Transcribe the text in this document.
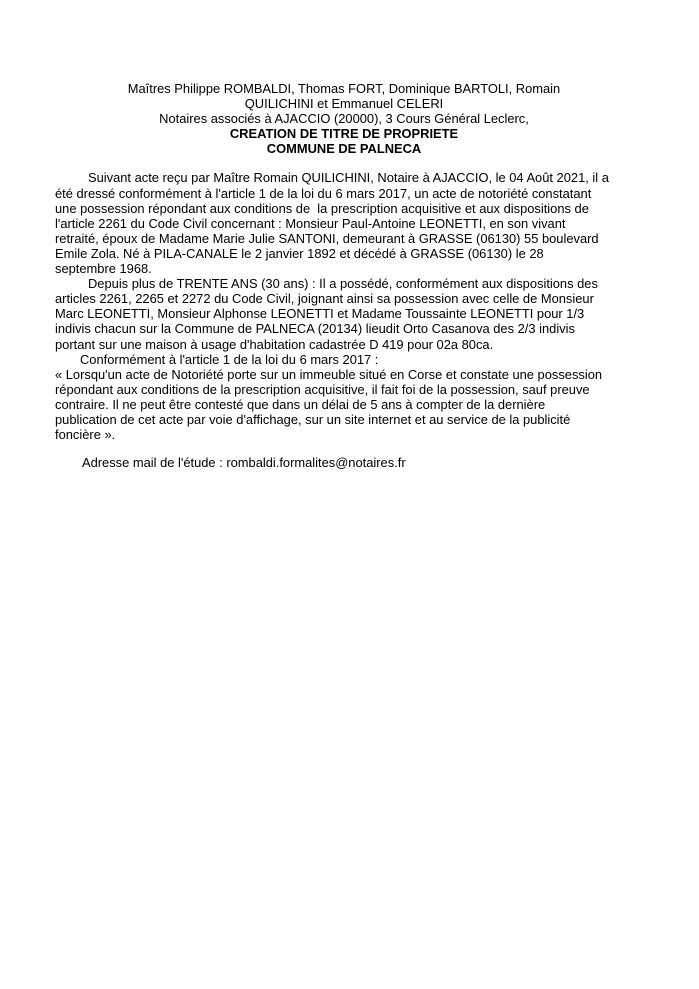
Maîtres Philippe ROMBALDI, Thomas FORT, Dominique BARTOLI, Romain
QUILICHINI et Emmanuel CELERI
Notaires associés à AJACCIO (20000), 3 Cours Général Leclerc,
CREATION DE TITRE DE PROPRIETE
COMMUNE DE PALNECA
Suivant acte reçu par Maître Romain QUILICHINI, Notaire à AJACCIO, le 04 Août 2021, il a
été dressé conformément à l'article 1 de la loi du 6 mars 2017, un acte de notoriété constatant
une possession répondant aux conditions de  la prescription acquisitive et aux dispositions de
l'article 2261 du Code Civil concernant : Monsieur Paul-Antoine LEONETTI, en son vivant
retraité, époux de Madame Marie Julie SANTONI, demeurant à GRASSE (06130) 55 boulevard
Emile Zola. Né à PILA-CANALE le 2 janvier 1892 et décédé à GRASSE (06130) le 28
septembre 1968.
Depuis plus de TRENTE ANS (30 ans) : Il a possédé, conformément aux dispositions des
articles 2261, 2265 et 2272 du Code Civil, joignant ainsi sa possession avec celle de Monsieur
Marc LEONETTI, Monsieur Alphonse LEONETTI et Madame Toussainte LEONETTI pour 1/3
indivis chacun sur la Commune de PALNECA (20134) lieudit Orto Casanova des 2/3 indivis
portant sur une maison à usage d'habitation cadastrée D 419 pour 02a 80ca.
Conformément à l'article 1 de la loi du 6 mars 2017 :
« Lorsqu'un acte de Notoriété porte sur un immeuble situé en Corse et constate une possession
répondant aux conditions de la prescription acquisitive, il fait foi de la possession, sauf preuve
contraire. Il ne peut être contesté que dans un délai de 5 ans à compter de la dernière
publication de cet acte par voie d'affichage, sur un site internet et au service de la publicité
foncière ».
Adresse mail de l'étude : rombaldi.formalites@notaires.fr
